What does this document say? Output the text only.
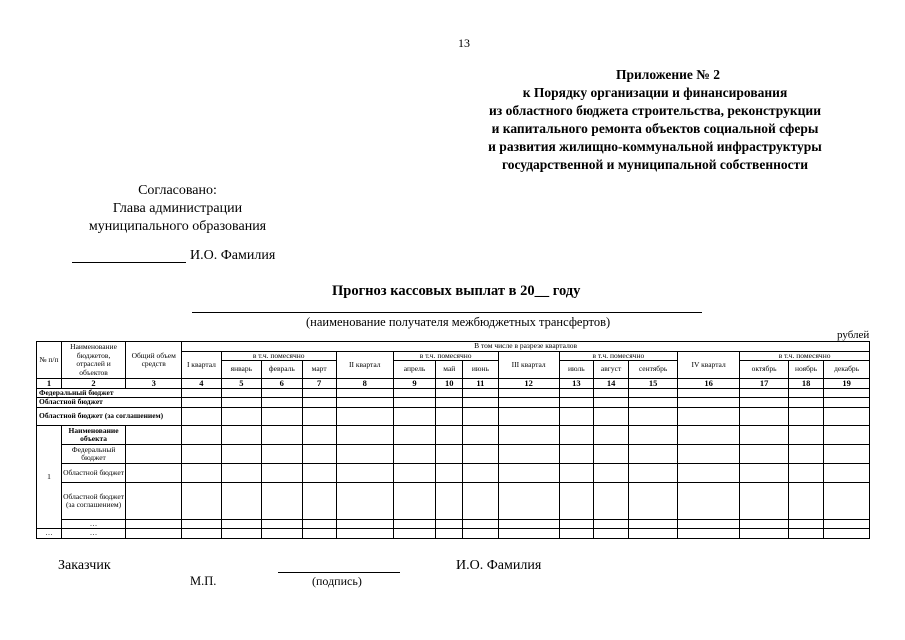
13
Приложение № 2
к Порядку организации и финансирования
из областного бюджета строительства, реконструкции
и капитального ремонта объектов социальной сферы
и развития жилищно-коммунальной инфраструктуры
государственной и муниципальной собственности
Согласовано:
Глава администрации
муниципального образования
И.О. Фамилия
Прогноз кассовых выплат в 20__ году
(наименование получателя межбюджетных трансфертов)
рублей
№ п/п	Наименование бюджетов, отраслей и объектов	Общий объем средств	В том числе в разрезе кварталов															
			I квартал	в т.ч. помесячно			II квартал	в т.ч. помесячно			III квартал	в т.ч. помесячно			IV квартал	в т.ч. помесячно		
				январь	февраль	март		апрель	май	июнь		июль	август	сентябрь		октябрь	ноябрь	декабрь
1	2	3	4	5	6	7	8	9	10	11	12	13	14	15	16	17	18	19
Федеральный бюджет																		
Областной бюджет																		
Областной бюджет (за соглашением)																		
1	Наименование объекта																	
	Федеральный бюджет																	
	Областной бюджет																	
	Областной бюджет (за соглашением)																	
	…																	
…	…																	
Заказчик
М.П.	(подпись)
И.О. Фамилия
